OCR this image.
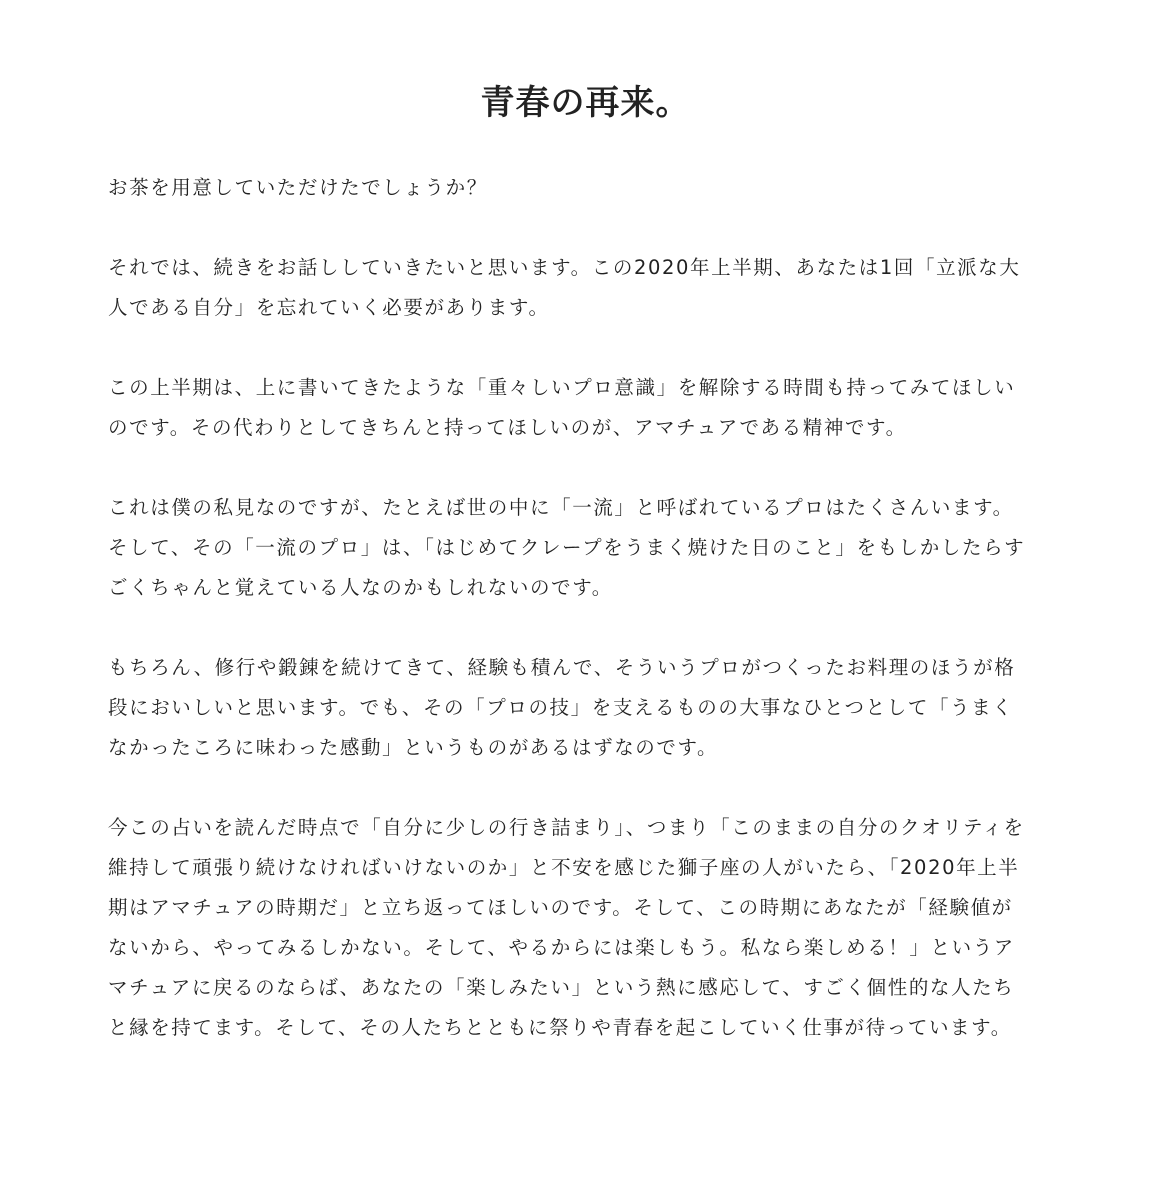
青春の再来。

お茶を用意していただけたでしょうか？

それでは、続きをお話ししていきたいと思います。この2020年上半期、あなたは1回「立派な大人である自分」を忘れていく必要があります。

この上半期は、上に書いてきたような「重々しいプロ意識」を解除する時間も持ってみてほしいのです。その代わりとしてきちんと持ってほしいのが、アマチュアである精神です。

これは僕の私見なのですが、たとえば世の中に「一流」と呼ばれているプロはたくさんいます。そして、その「一流のプロ」は、「はじめてクレープをうまく焼けた日のこと」をもしかしたらすごくちゃんと覚えている人なのかもしれないのです。

もちろん、修行や鍛錬を続けてきて、経験も積んで、そういうプロがつくったお料理のほうが格段においしいと思います。でも、その「プロの技」を支えるものの大事なひとつとして「うまくなかったころに味わった感動」というものがあるはずなのです。

今この占いを読んだ時点で「自分に少しの行き詰まり」、つまり「このままの自分のクオリティを維持して頑張り続けなければいけないのか」と不安を感じた獅子座の人がいたら、「2020年上半期はアマチュアの時期だ」と立ち返ってほしいのです。そして、この時期にあなたが「経験値がないから、やってみるしかない。そして、やるからには楽しもう。私なら楽しめる！」というアマチュアに戻るのならば、あなたの「楽しみたい」という熱に感応して、すごく個性的な人たちと縁を持てます。そして、その人たちとともに祭りや青春を起こしていく仕事が待っています。
